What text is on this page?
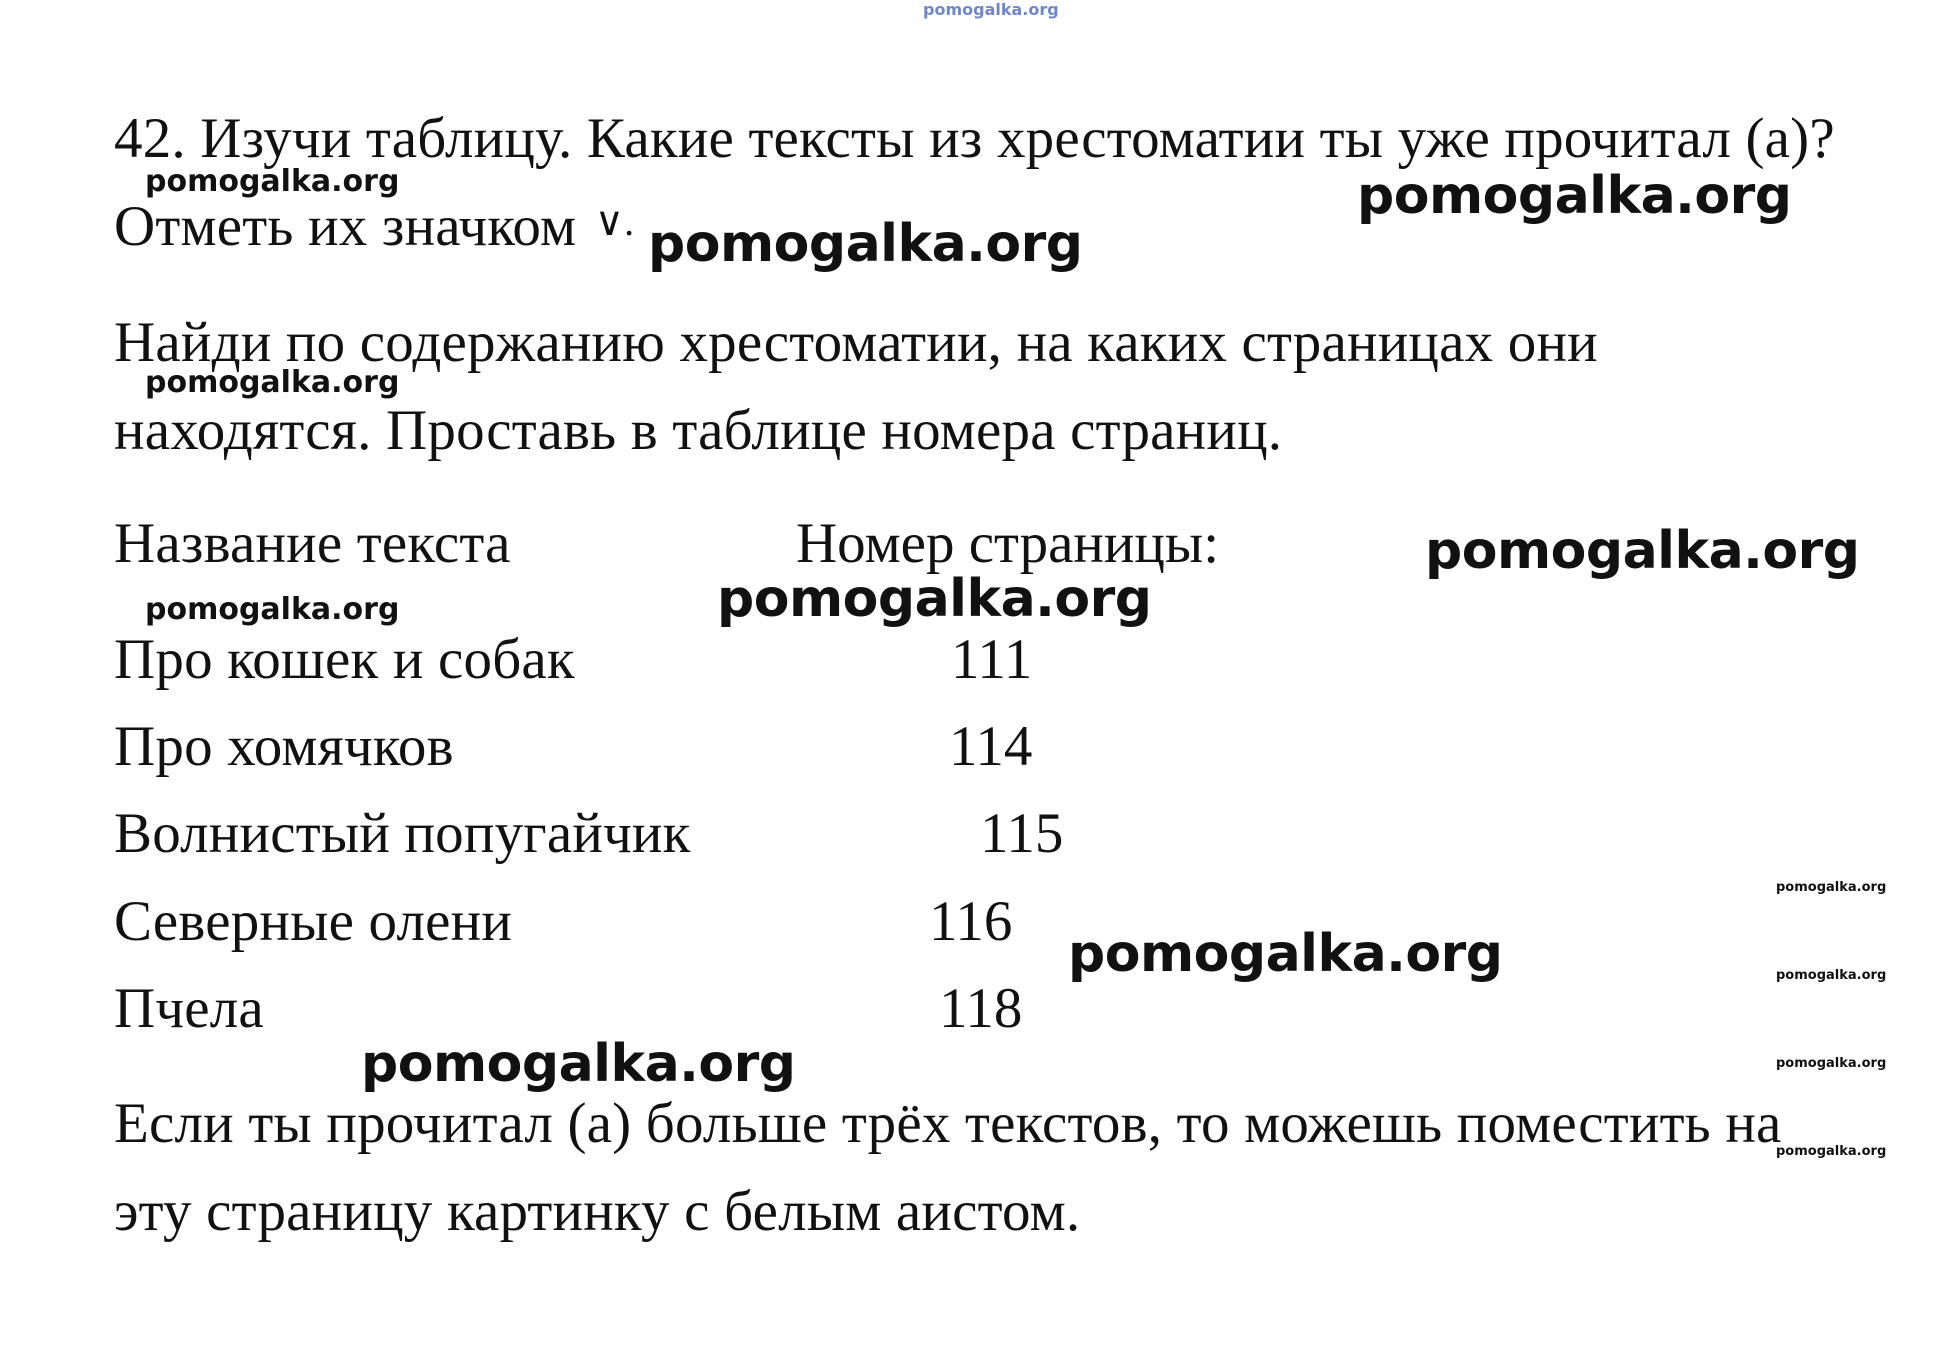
pomogalka.org
pomogalka.org	pomogalka.org
pomogalka.org
pomogalka.org
pomogalka.org
pomogalka.org
pomogalka.org
pomogalka.org
pomogalka.org	pomogalka.org
pomogalka.org	pomogalka.org
pomogalka.org
42. Изучи таблицу. Какие тексты из хрестоматии ты уже прочитал (а)?
Отметь их значком ∨.
Найди по содержанию хрестоматии, на каких страницах они
находятся. Проставь в таблице номера страниц.
Название текста	Номер страницы:
Про кошек и собак	111
Про хомячков	114
Волнистый попугайчик	115
Северные олени	116
Пчела	118
Если ты прочитал (а) больше трёх текстов, то можешь поместить на
эту страницу картинку с белым аистом.
